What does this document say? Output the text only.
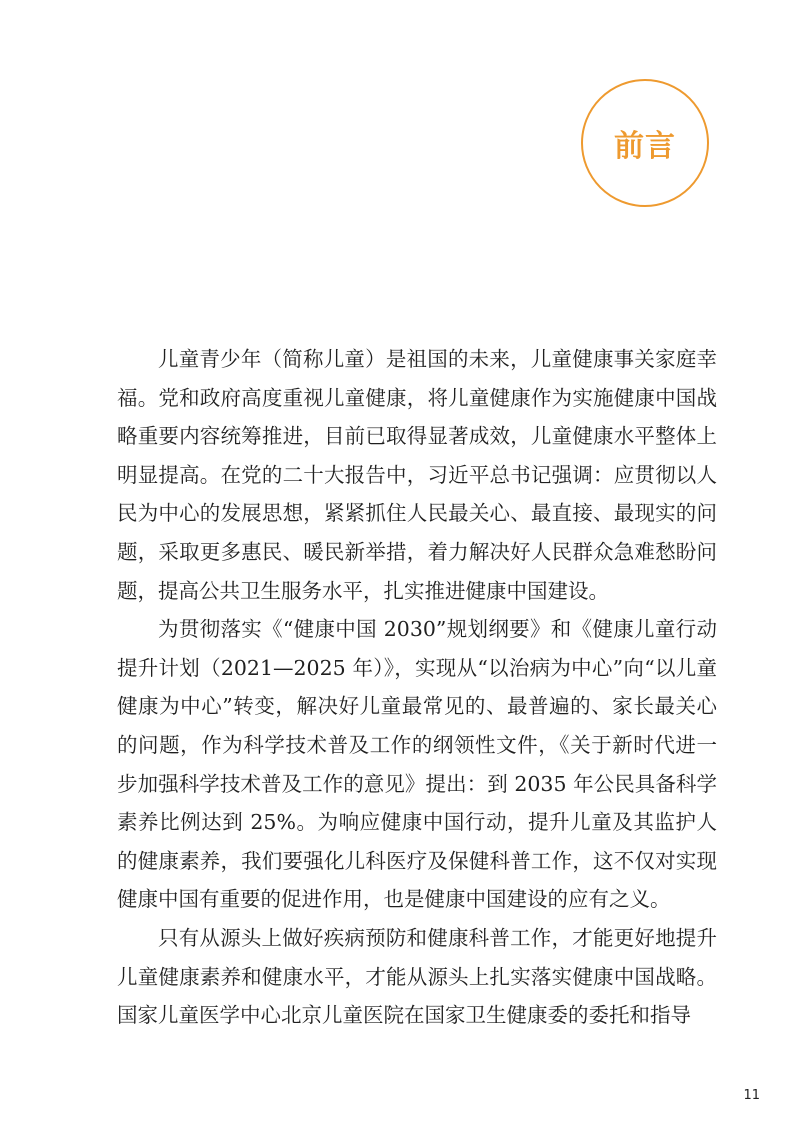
前言

儿童青少年（简称儿童）是祖国的未来，儿童健康事关家庭幸福。党和政府高度重视儿童健康，将儿童健康作为实施健康中国战略重要内容统筹推进，目前已取得显著成效，儿童健康水平整体上明显提高。在党的二十大报告中，习近平总书记强调：应贯彻以人民为中心的发展思想，紧紧抓住人民最关心、最直接、最现实的问题，采取更多惠民、暖民新举措，着力解决好人民群众急难愁盼问题，提高公共卫生服务水平，扎实推进健康中国建设。

为贯彻落实《“健康中国 2030”规划纲要》和《健康儿童行动提升计划（2021—2025 年）》，实现从“以治病为中心”向“以儿童健康为中心”转变，解决好儿童最常见的、最普遍的、家长最关心的问题，作为科学技术普及工作的纲领性文件，《关于新时代进一步加强科学技术普及工作的意见》提出：到 2035 年公民具备科学素养比例达到 25%。为响应健康中国行动，提升儿童及其监护人的健康素养，我们要强化儿科医疗及保健科普工作，这不仅对实现健康中国有重要的促进作用，也是健康中国建设的应有之义。

只有从源头上做好疾病预防和健康科普工作，才能更好地提升儿童健康素养和健康水平，才能从源头上扎实落实健康中国战略。国家儿童医学中心北京儿童医院在国家卫生健康委的委托和指导

11
